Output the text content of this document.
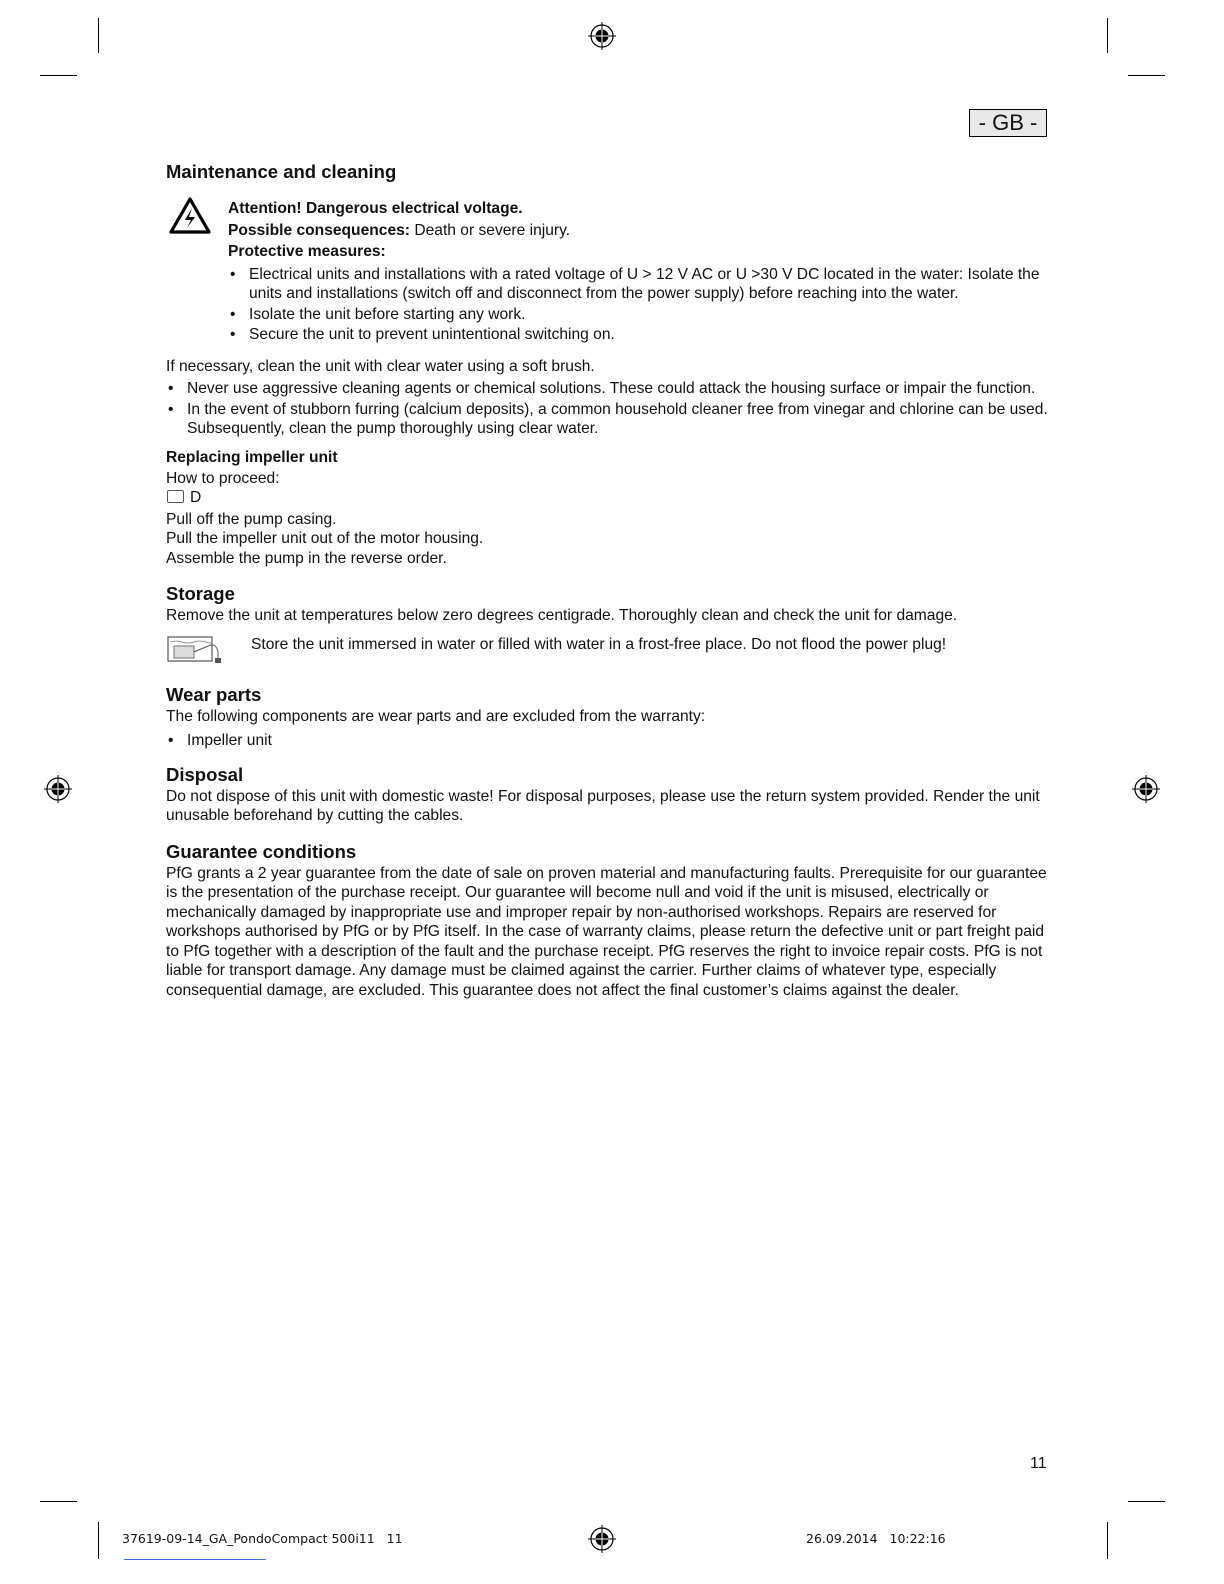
- GB -
Maintenance and cleaning

Attention! Dangerous electrical voltage.

Possible consequences: Death or severe injury.

Protective measures:

• Electrical units and installations with a rated voltage of U > 12 V AC or U >30 V DC located in the water: Isolate the units and installations (switch off and disconnect from the power supply) before reaching into the water.
• Isolate the unit before starting any work.
• Secure the unit to prevent unintentional switching on.

If necessary, clean the unit with clear water using a soft brush.

• Never use aggressive cleaning agents or chemical solutions. These could attack the housing surface or impair the function.
• In the event of stubborn furring (calcium deposits), a common household cleaner free from vinegar and chlorine can be used. Subsequently, clean the pump thoroughly using clear water.
Replacing impeller unit

How to proceed:

D

Pull off the pump casing.

Pull the impeller unit out of the motor housing.

Assemble the pump in the reverse order.

Storage

Remove the unit at temperatures below zero degrees centigrade. Thoroughly clean and check the unit for damage.

Store the unit immersed in water or filled with water in a frost-free place. Do not flood the power plug!
Wear parts

The following components are wear parts and are excluded from the warranty:

• Impeller unit
Disposal

Do not dispose of this unit with domestic waste! For disposal purposes, please use the return system provided. Render the unit unusable beforehand by cutting the cables.

Guarantee conditions

PfG grants a 2 year guarantee from the date of sale on proven material and manufacturing faults. Prerequisite for our guarantee is the presentation of the purchase receipt. Our guarantee will become null and void if the unit is misused, electrically or mechanically damaged by inappropriate use and improper repair by non-authorised workshops. Repairs are reserved for workshops authorised by PfG or by PfG itself. In the case of warranty claims, please return the defective unit or part freight paid to PfG together with a description of the fault and the purchase receipt. PfG reserves the right to invoice repair costs. PfG is not liable for transport damage. Any damage must be claimed against the carrier. Further claims of whatever type, especially consequential damage, are excluded. This guarantee does not affect the final customer’s claims against the dealer.

11
37619-09-14_GA_PondoCompact 500i11   11	26.09.2014   10:22:16
